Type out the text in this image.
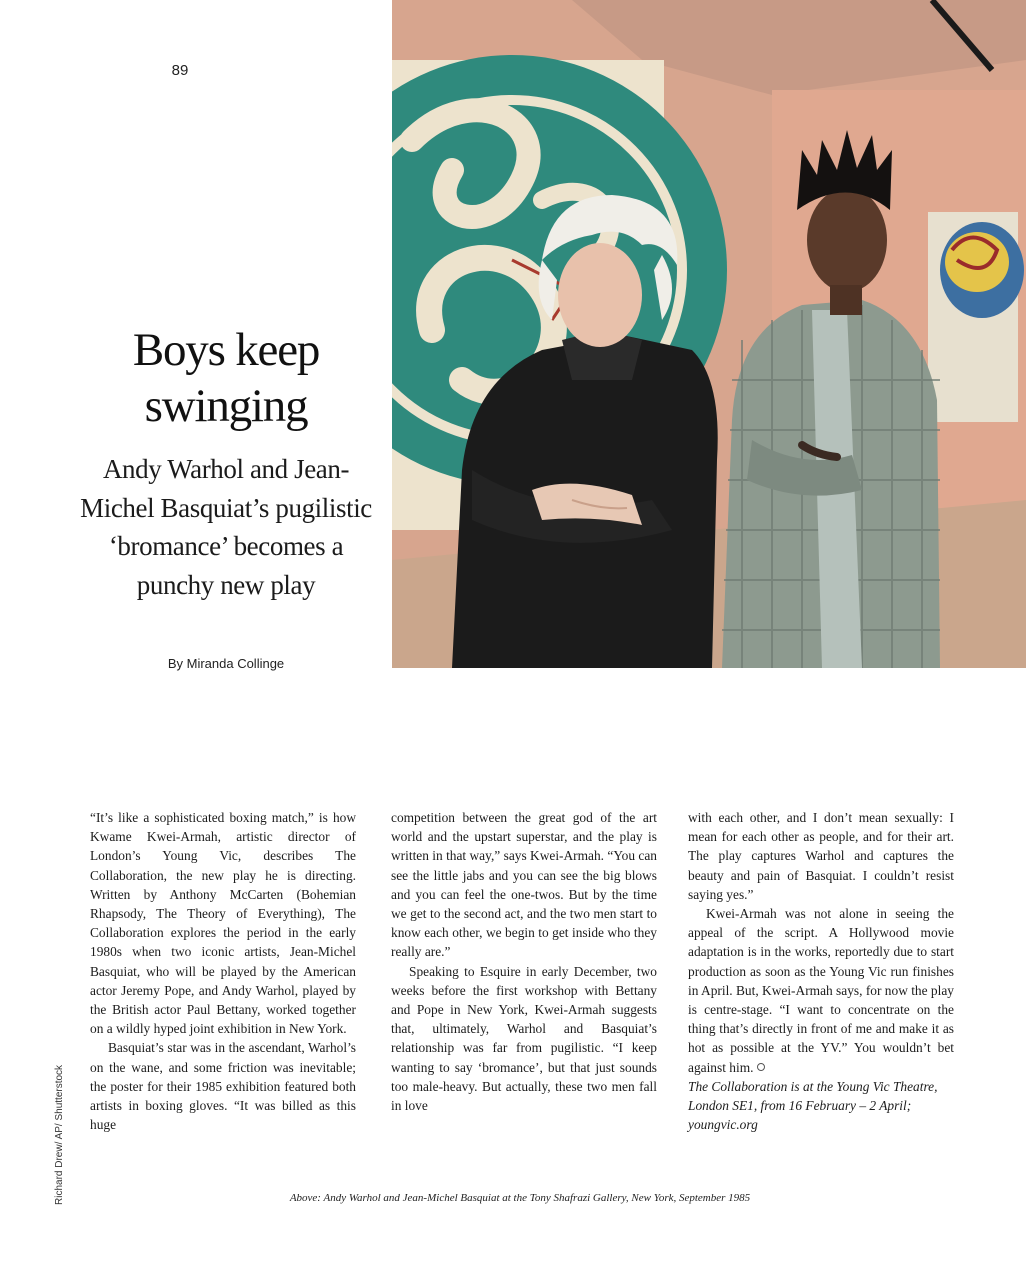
89
Boys keep swinging

Andy Warhol and Jean-Michel Basquiat’s pugilistic ‘bromance’ becomes a punchy new play

By Miranda Collinge

“It’s like a sophisticated boxing match,” is how Kwame Kwei-Armah, artistic director of London’s Young Vic, describes The Collaboration, the new play he is directing. Written by Anthony McCarten (Bohemian Rhapsody, The Theory of Everything), The Collaboration explores the period in the early 1980s when two iconic artists, Jean-Michel Basquiat, who will be played by the American actor Jeremy Pope, and Andy Warhol, played by the British actor Paul Bettany, worked together on a wildly hyped joint exhibition in New York.

Basquiat’s star was in the ascendant, Warhol’s on the wane, and some friction was inevitable; the poster for their 1985 exhibition featured both artists in boxing gloves. “It was billed as this huge

competition between the great god of the art world and the upstart superstar, and the play is written in that way,” says Kwei-Armah. “You can see the little jabs and you can see the big blows and you can feel the one-twos. But by the time we get to the second act, and the two men start to know each other, we begin to get inside who they really are.”

Speaking to Esquire in early December, two weeks before the first workshop with Bettany and Pope in New York, Kwei-Armah suggests that, ultimately, Warhol and Basquiat’s relationship was far from pugilistic. “I keep wanting to say ‘bromance’, but that just sounds too male-heavy. But actually, these two men fall in love

with each other, and I don’t mean sexually: I mean for each other as people, and for their art. The play captures Warhol and captures the beauty and pain of Basquiat. I couldn’t resist saying yes.”

Kwei-Armah was not alone in seeing the appeal of the script. A Hollywood movie adaptation is in the works, reportedly due to start production as soon as the Young Vic run finishes in April. But, Kwei-Armah says, for now the play is centre-stage. “I want to concentrate on the thing that’s directly in front of me and make it as hot as possible at the YV.” You wouldn’t bet against him.

The Collaboration is at the Young Vic Theatre, London SE1, from 16 February – 2 April; youngvic.org

Richard Drew/ AP/ Shutterstock	Above: Andy Warhol and Jean-Michel Basquiat at the Tony Shafrazi Gallery, New York, September 1985
